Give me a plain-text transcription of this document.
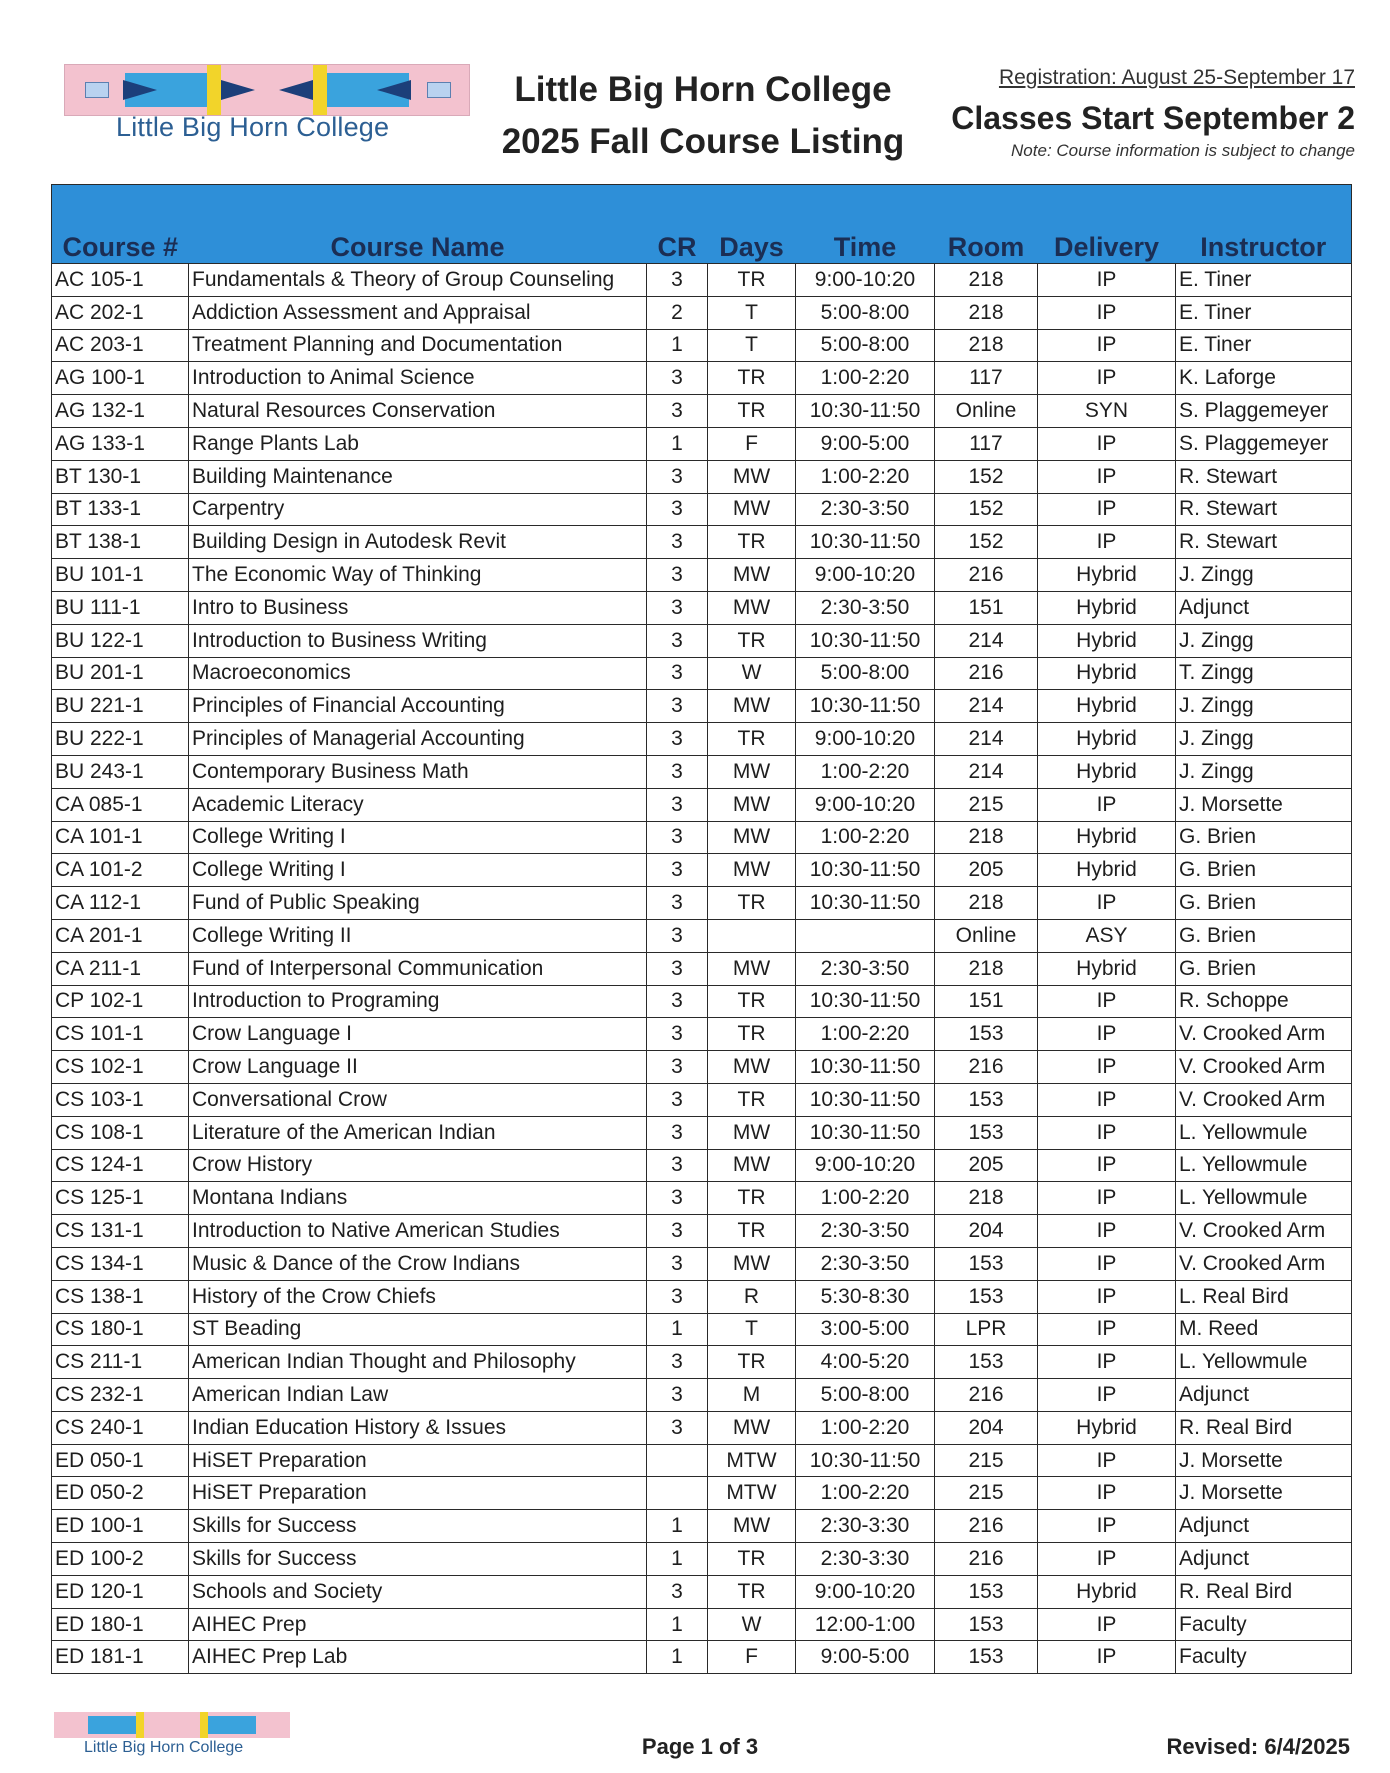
Little Big Horn College
Little Big Horn College
2025 Fall Course Listing
Registration: August 25-September 17
Classes Start September 2
Note: Course information is subject to change
Course #	Course Name	CR	Days	Time	Room	Delivery	Instructor
AC 105-1	Fundamentals & Theory of Group Counseling	3	TR	9:00-10:20	218	IP	E. Tiner
AC 202-1	Addiction Assessment and Appraisal	2	T	5:00-8:00	218	IP	E. Tiner
AC 203-1	Treatment Planning and Documentation	1	T	5:00-8:00	218	IP	E. Tiner
AG 100-1	Introduction to Animal Science	3	TR	1:00-2:20	117	IP	K. Laforge
AG 132-1	Natural Resources Conservation	3	TR	10:30-11:50	Online	SYN	S. Plaggemeyer
AG 133-1	Range Plants Lab	1	F	9:00-5:00	117	IP	S. Plaggemeyer
BT 130-1	Building Maintenance	3	MW	1:00-2:20	152	IP	R. Stewart
BT 133-1	Carpentry	3	MW	2:30-3:50	152	IP	R. Stewart
BT 138-1	Building Design in Autodesk Revit	3	TR	10:30-11:50	152	IP	R. Stewart
BU 101-1	The Economic Way of Thinking	3	MW	9:00-10:20	216	Hybrid	J. Zingg
BU 111-1	Intro to Business	3	MW	2:30-3:50	151	Hybrid	Adjunct
BU 122-1	Introduction to Business Writing	3	TR	10:30-11:50	214	Hybrid	J. Zingg
BU 201-1	Macroeconomics	3	W	5:00-8:00	216	Hybrid	T. Zingg
BU 221-1	Principles of Financial Accounting	3	MW	10:30-11:50	214	Hybrid	J. Zingg
BU 222-1	Principles of Managerial Accounting	3	TR	9:00-10:20	214	Hybrid	J. Zingg
BU 243-1	Contemporary Business Math	3	MW	1:00-2:20	214	Hybrid	J. Zingg
CA 085-1	Academic Literacy	3	MW	9:00-10:20	215	IP	J. Morsette
CA 101-1	College Writing I	3	MW	1:00-2:20	218	Hybrid	G. Brien
CA 101-2	College Writing I	3	MW	10:30-11:50	205	Hybrid	G. Brien
CA 112-1	Fund of Public Speaking	3	TR	10:30-11:50	218	IP	G. Brien
CA 201-1	College Writing II	3			Online	ASY	G. Brien
CA 211-1	Fund of Interpersonal Communication	3	MW	2:30-3:50	218	Hybrid	G. Brien
CP 102-1	Introduction to Programing	3	TR	10:30-11:50	151	IP	R. Schoppe
CS 101-1	Crow Language I	3	TR	1:00-2:20	153	IP	V. Crooked Arm
CS 102-1	Crow Language II	3	MW	10:30-11:50	216	IP	V. Crooked Arm
CS 103-1	Conversational Crow	3	TR	10:30-11:50	153	IP	V. Crooked Arm
CS 108-1	Literature of the American Indian	3	MW	10:30-11:50	153	IP	L. Yellowmule
CS 124-1	Crow History	3	MW	9:00-10:20	205	IP	L. Yellowmule
CS 125-1	Montana Indians	3	TR	1:00-2:20	218	IP	L. Yellowmule
CS 131-1	Introduction to Native American Studies	3	TR	2:30-3:50	204	IP	V. Crooked Arm
CS 134-1	Music & Dance of the Crow Indians	3	MW	2:30-3:50	153	IP	V. Crooked Arm
CS 138-1	History of the Crow Chiefs	3	R	5:30-8:30	153	IP	L. Real Bird
CS 180-1	ST Beading	1	T	3:00-5:00	LPR	IP	M. Reed
CS 211-1	American Indian Thought and Philosophy	3	TR	4:00-5:20	153	IP	L. Yellowmule
CS 232-1	American Indian Law	3	M	5:00-8:00	216	IP	Adjunct
CS 240-1	Indian Education History & Issues	3	MW	1:00-2:20	204	Hybrid	R. Real Bird
ED 050-1	HiSET Preparation		MTW	10:30-11:50	215	IP	J. Morsette
ED 050-2	HiSET Preparation		MTW	1:00-2:20	215	IP	J. Morsette
ED 100-1	Skills for Success	1	MW	2:30-3:30	216	IP	Adjunct
ED 100-2	Skills for Success	1	TR	2:30-3:30	216	IP	Adjunct
ED 120-1	Schools and Society	3	TR	9:00-10:20	153	Hybrid	R. Real Bird
ED 180-1	AIHEC Prep	1	W	12:00-1:00	153	IP	Faculty
ED 181-1	AIHEC Prep Lab	1	F	9:00-5:00	153	IP	Faculty
Little Big Horn College	Page 1 of 3	Revised: 6/4/2025
